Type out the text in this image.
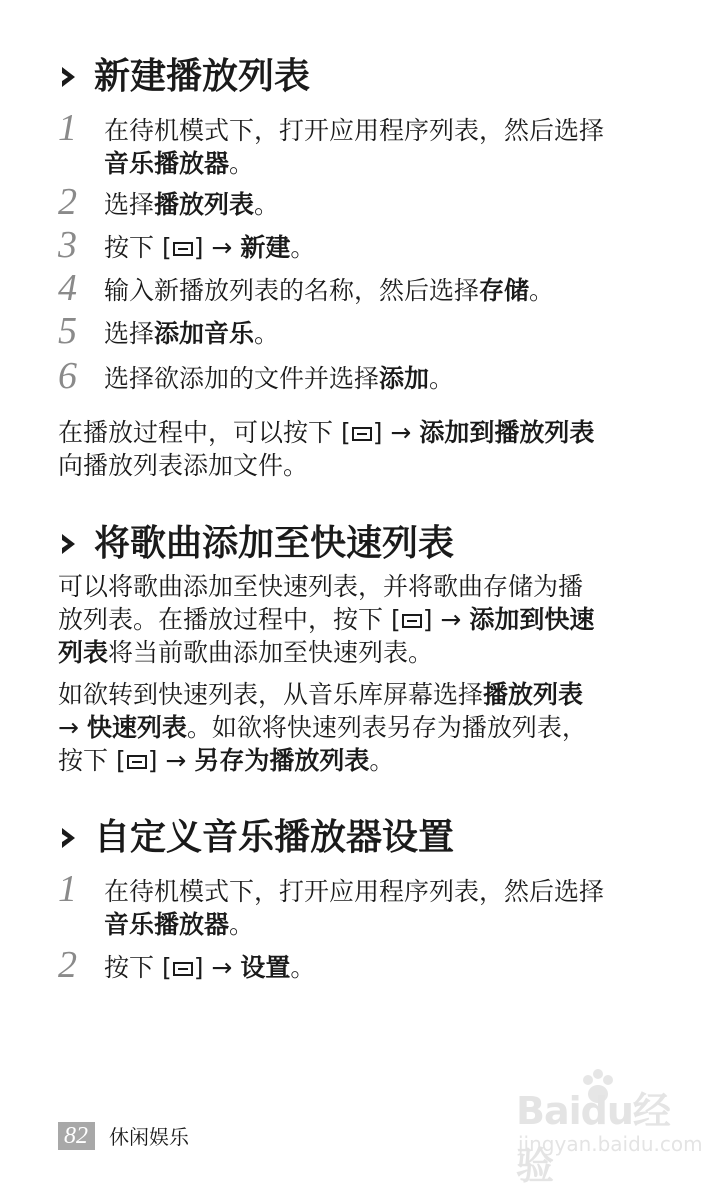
新建播放列表
1 在待机模式下，打开应用程序列表，然后选择
音乐播放器。
2 选择播放列表。
3 按下 [ ] → 新建。
4 输入新播放列表的名称，然后选择存储。
5 选择添加音乐。
6 选择欲添加的文件并选择添加。

在播放过程中，可以按下 [ ] → 添加到播放列表
向播放列表添加文件。

将歌曲添加至快速列表

可以将歌曲添加至快速列表，并将歌曲存储为播
放列表。在播放过程中，按下 [ ] → 添加到快速
列表将当前歌曲添加至快速列表。

如欲转到快速列表，从音乐库屏幕选择播放列表
→ 快速列表。如欲将快速列表另存为播放列表，
按下 [ ] → 另存为播放列表。

自定义音乐播放器设置
1 在待机模式下，打开应用程序列表，然后选择
音乐播放器。
2 按下 [ ] → 设置。
82	休闲娱乐
Baidu经验
jingyan.baidu.com
